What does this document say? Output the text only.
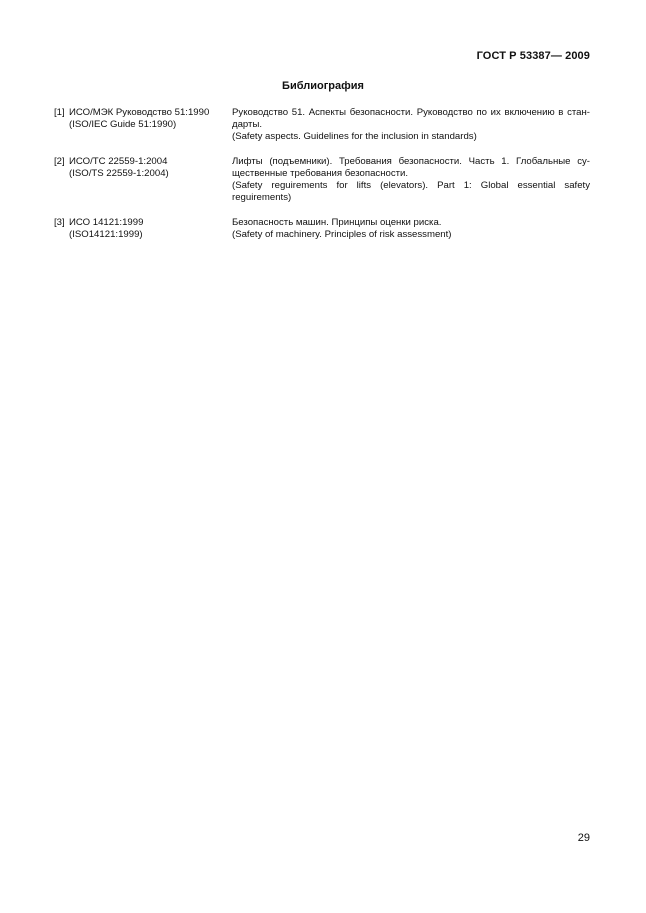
ГОСТ Р 53387— 2009
Библиография
[1] ИСО/МЭК Руководство 51:1990
(ISO/IEC Guide 51:1990)
Руководство 51. Аспекты безопасности. Руководство по их включению в стандарты.
(Safety aspects. Guidelines for the inclusion in standards)
[2] ИСО/ТС 22559-1:2004
(ISO/TS 22559-1:2004)
Лифты (подъемники). Требования безопасности. Часть 1. Глобальные существенные требования безопасности.
(Safety reguirements for lifts (elevators). Part 1: Global essential safety reguirements)
[3] ИСО 14121:1999
(ISO14121:1999)
Безопасность машин. Принципы оценки риска.
(Safety of machinery. Principles of risk assessment)
29
